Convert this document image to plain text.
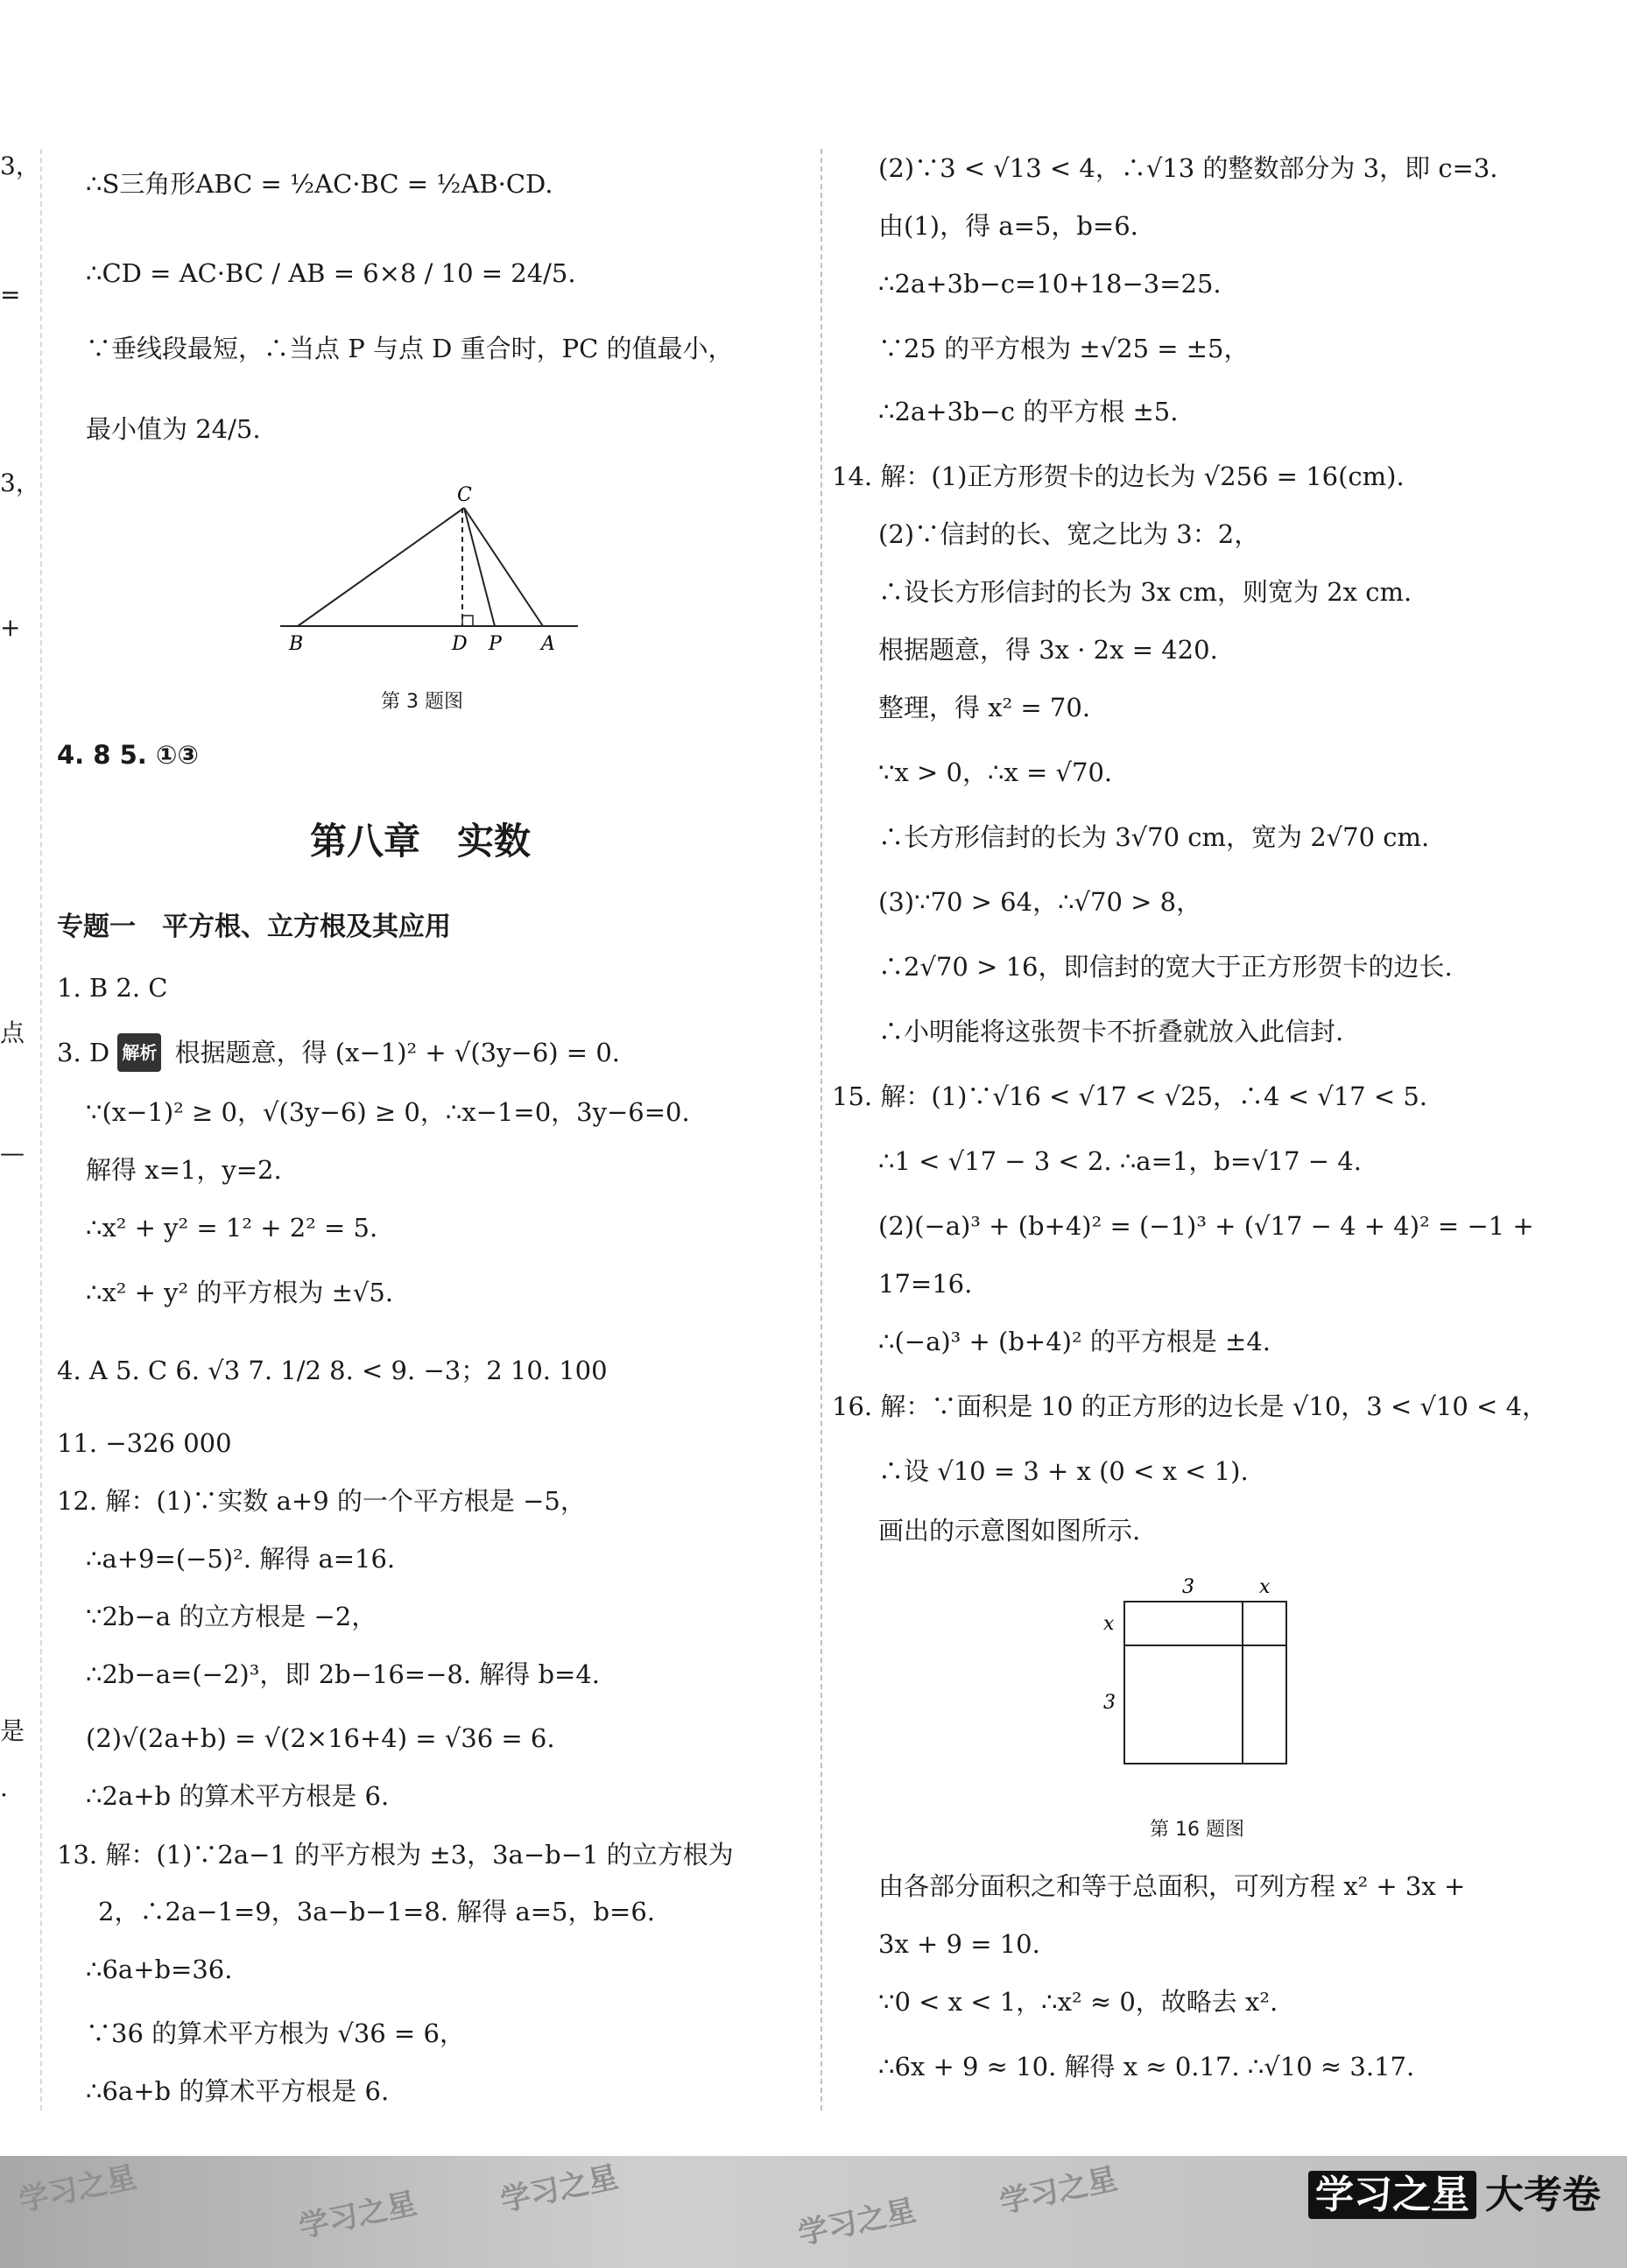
3，
=
3，
+
点
—
是
.
∴S三角形ABC = ½AC·BC = ½AB·CD.
∴CD = AC·BC / AB = 6×8 / 10 = 24/5.
∵垂线段最短，∴当点 P 与点 D 重合时，PC 的值最小，
最小值为 24/5.
C
B	D P A
第 3 题图
4. 8 5. ①③
第八章　实数
专题一　平方根、立方根及其应用
1. B 2. C
3. D 解析 根据题意，得 (x−1)² + √(3y−6) = 0.
∵(x−1)² ≥ 0，√(3y−6) ≥ 0，∴x−1=0，3y−6=0.
解得 x=1，y=2.
∴x² + y² = 1² + 2² = 5.
∴x² + y² 的平方根为 ±√5.
4. A 5. C 6. √3 7. 1/2 8. < 9. −3；2 10. 100
11. −326 000
12. 解：(1)∵实数 a+9 的一个平方根是 −5，
∴a+9=(−5)². 解得 a=16.
∵2b−a 的立方根是 −2，
∴2b−a=(−2)³，即 2b−16=−8. 解得 b=4.
(2)√(2a+b) = √(2×16+4) = √36 = 6.
∴2a+b 的算术平方根是 6.
13. 解：(1)∵2a−1 的平方根为 ±3，3a−b−1 的立方根为
2，∴2a−1=9，3a−b−1=8. 解得 a=5，b=6.
∴6a+b=36.
∵36 的算术平方根为 √36 = 6，
∴6a+b 的算术平方根是 6.
(2)∵3 < √13 < 4，∴√13 的整数部分为 3，即 c=3.
由(1)，得 a=5，b=6.
∴2a+3b−c=10+18−3=25.
∵25 的平方根为 ±√25 = ±5，
∴2a+3b−c 的平方根 ±5.
14. 解：(1)正方形贺卡的边长为 √256 = 16(cm).
(2)∵信封的长、宽之比为 3：2，
∴设长方形信封的长为 3x cm，则宽为 2x cm.
根据题意，得 3x · 2x = 420.
整理，得 x² = 70.
∵x > 0，∴x = √70.
∴长方形信封的长为 3√70 cm，宽为 2√70 cm.
(3)∵70 > 64，∴√70 > 8，
∴2√70 > 16，即信封的宽大于正方形贺卡的边长.
∴小明能将这张贺卡不折叠就放入此信封.
15. 解：(1)∵√16 < √17 < √25，∴4 < √17 < 5.
∴1 < √17 − 3 < 2. ∴a=1，b=√17 − 4.
(2)(−a)³ + (b+4)² = (−1)³ + (√17 − 4 + 4)² = −1 +
17=16.
∴(−a)³ + (b+4)² 的平方根是 ±4.
16. 解：∵面积是 10 的正方形的边长是 √10，3 < √10 < 4，
∴设 √10 = 3 + x (0 < x < 1).
画出的示意图如图所示.
3	x
x
3
第 16 题图
由各部分面积之和等于总面积，可列方程 x² + 3x +
3x + 9 = 10.
∵0 < x < 1，∴x² ≈ 0，故略去 x².
∴6x + 9 ≈ 10. 解得 x ≈ 0.17. ∴√10 ≈ 3.17.
学习之星	学习之星	学习之星
学习之星
学习之星	学习之星 大考卷
